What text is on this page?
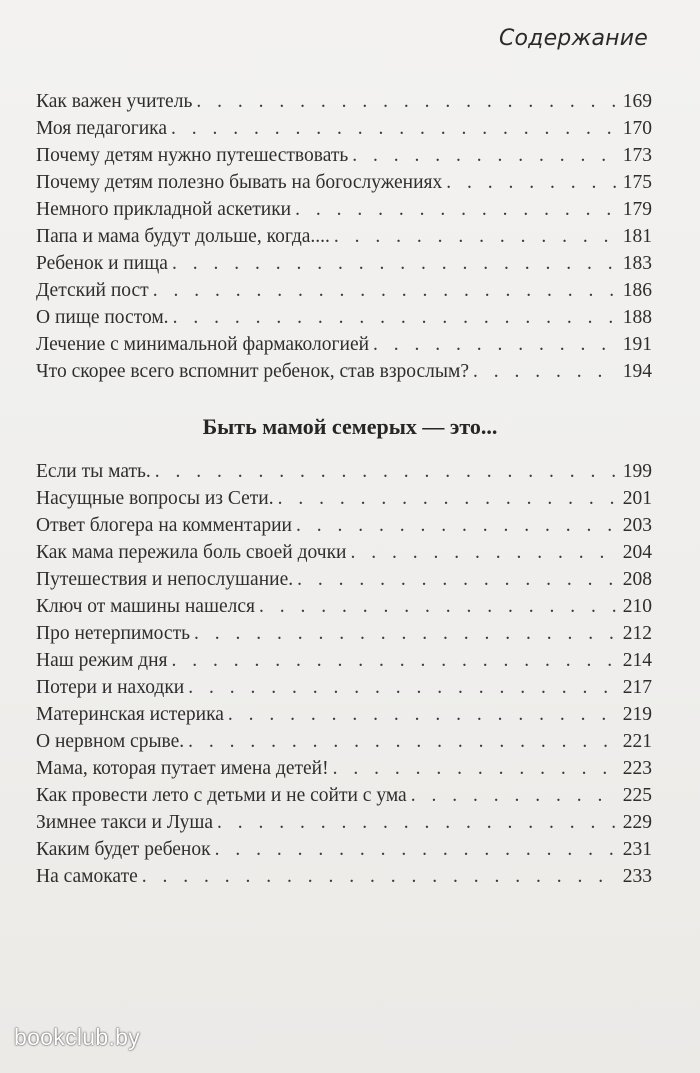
Содержание
Как важен учитель . . .	169
Моя педагогика . . .	170
Почему детям нужно путешествовать . . .	173
Почему детям полезно бывать на богослужениях . . .	175
Немного прикладной аскетики . . .	179
Папа и мама будут дольше, когда.... . . .	181
Ребенок и пища . . .	183
Детский пост . . .	186
О пище постом. . . .	188
Лечение с минимальной фармакологией . . .	191
Что скорее всего вспомнит ребенок, став взрослым? . . .	194
Быть мамой семерых — это...
Если ты мать. . . .	199
Насущные вопросы из Сети. . . .	201
Ответ блогера на комментарии . . .	203
Как мама пережила боль своей дочки . . .	204
Путешествия и непослушание. . . .	208
Ключ от машины нашелся . . .	210
Про нетерпимость . . .	212
Наш режим дня . . .	214
Потери и находки . . .	217
Материнская истерика . . .	219
О нервном срыве. . . .	221
Мама, которая путает имена детей! . . .	223
Как провести лето с детьми и не сойти с ума . . .	225
Зимнее такси и Луша . . .	229
Каким будет ребенок . . .	231
На самокате . . .	233
bookclub.by
